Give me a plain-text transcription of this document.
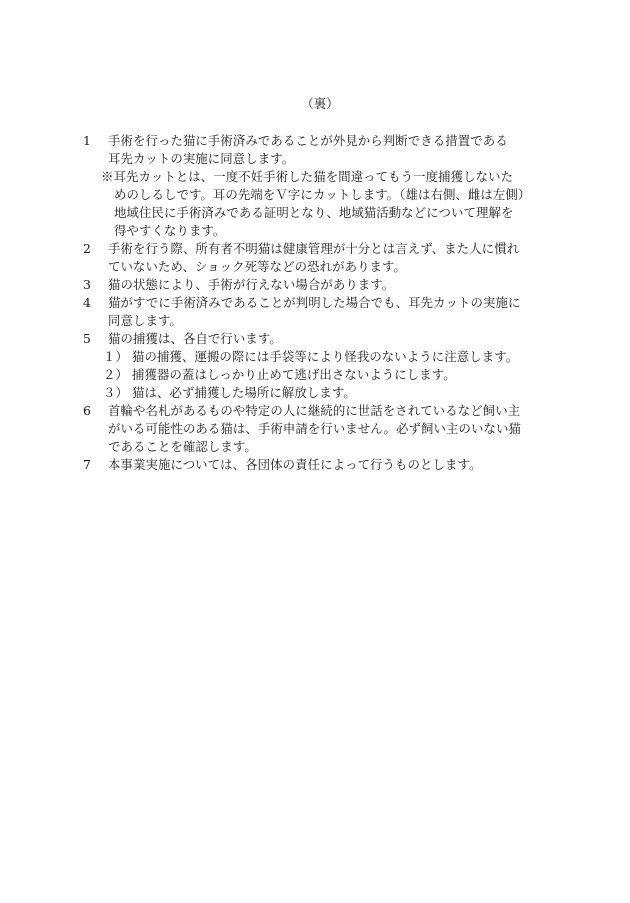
（裏）
1 手術を行った猫に手術済みであることが外見から判断できる措置である
耳先カットの実施に同意します。
※耳先カットとは、一度不妊手術した猫を間違ってもう一度捕獲しないた
めのしるしです。耳の先端をＶ字にカットします。（雄は右側、雌は左側）
地域住民に手術済みである証明となり、地域猫活動などについて理解を
得やすくなります。
2 手術を行う際、所有者不明猫は健康管理が十分とは言えず、また人に慣れ
ていないため、ショック死等などの恐れがあります。
3 猫の状態により、手術が行えない場合があります。
4 猫がすでに手術済みであることが判明した場合でも、耳先カットの実施に
同意します。
5 猫の捕獲は、各自で行います。
１） 猫の捕獲、運搬の際には手袋等により怪我のないように注意します。
２） 捕獲器の蓋はしっかり止めて逃げ出さないようにします。
３） 猫は、必ず捕獲した場所に解放します。
6 首輪や名札があるものや特定の人に継続的に世話をされているなど飼い主
がいる可能性のある猫は、手術申請を行いません。必ず飼い主のいない猫
であることを確認します。
7 本事業実施については、各団体の責任によって行うものとします。
